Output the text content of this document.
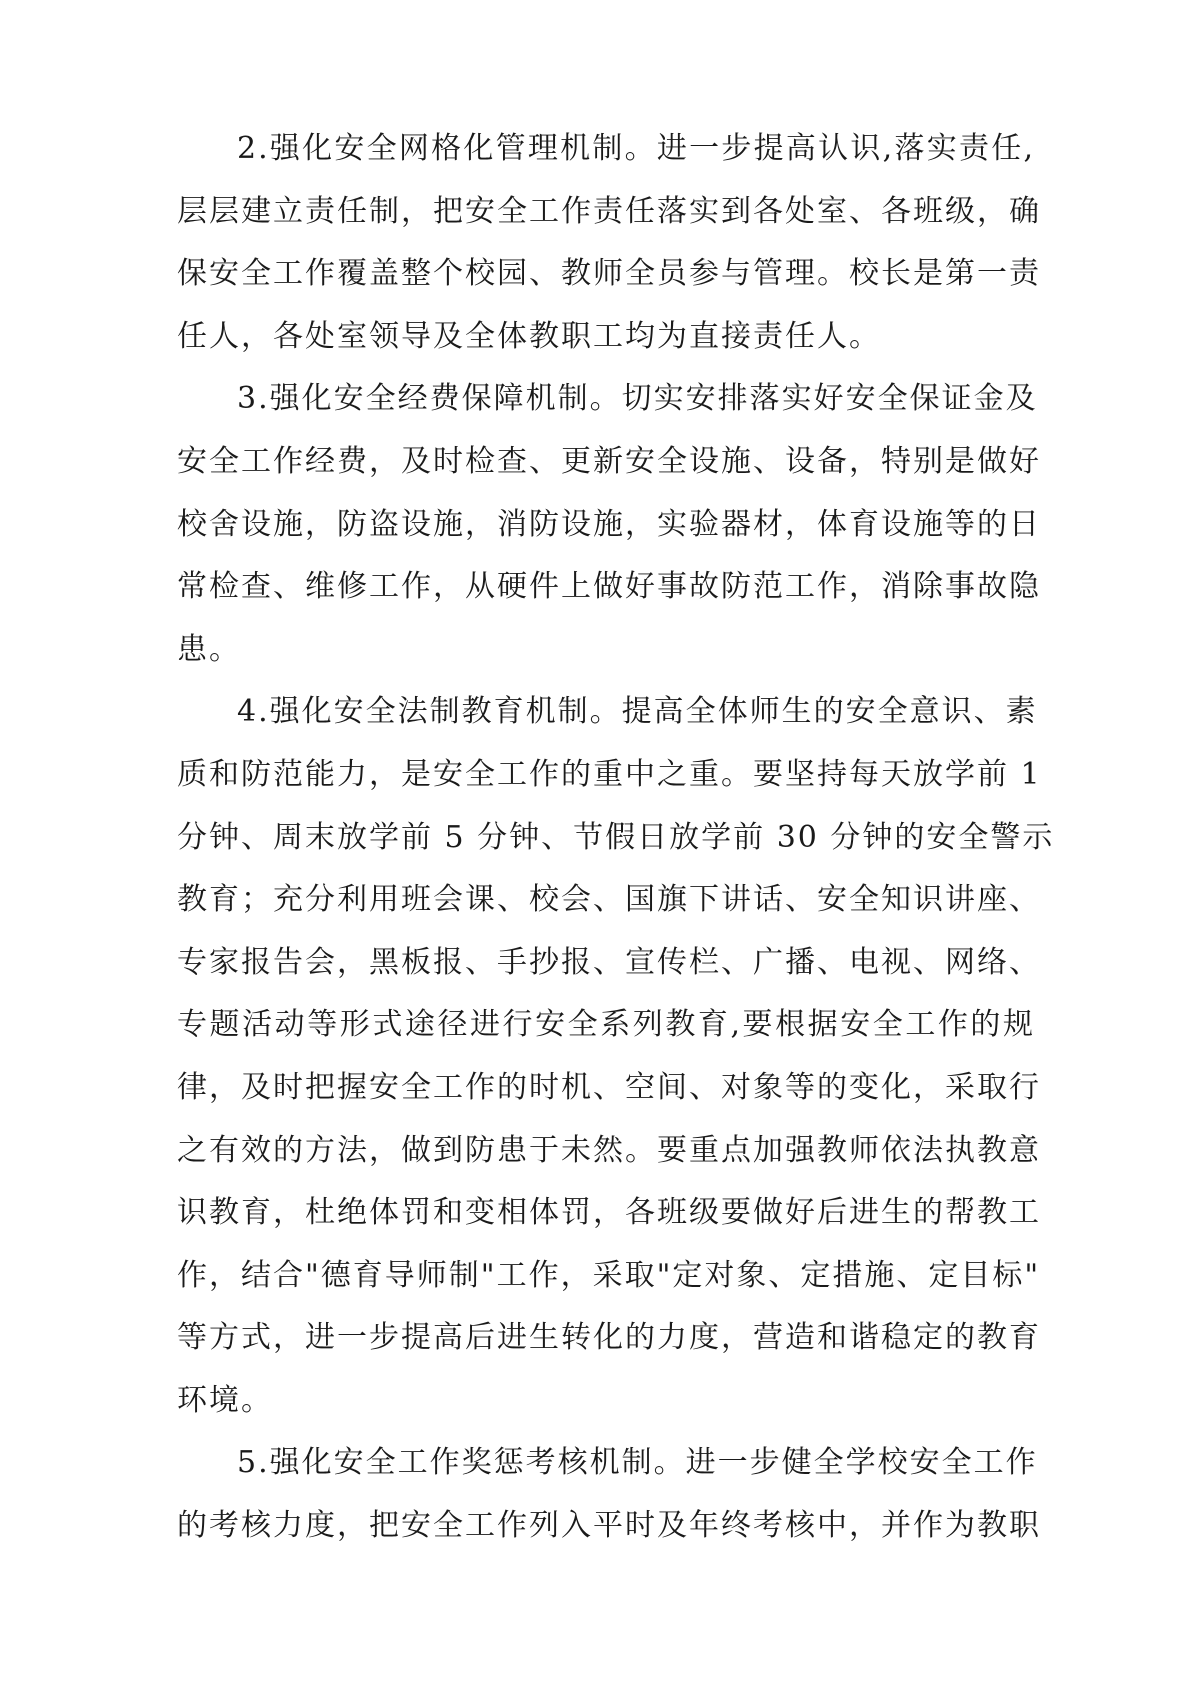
2.强化安全网格化管理机制。进一步提高认识,落实责任,
层层建立责任制，把安全工作责任落实到各处室、各班级，确
保安全工作覆盖整个校园、教师全员参与管理。校长是第一责
任人，各处室领导及全体教职工均为直接责任人。

3.强化安全经费保障机制。切实安排落实好安全保证金及
安全工作经费，及时检查、更新安全设施、设备，特别是做好
校舍设施，防盗设施，消防设施，实验器材，体育设施等的日
常检查、维修工作，从硬件上做好事故防范工作，消除事故隐
患。

4.强化安全法制教育机制。提高全体师生的安全意识、素
质和防范能力，是安全工作的重中之重。要坚持每天放学前 1
分钟、周末放学前 5 分钟、节假日放学前 30 分钟的安全警示
教育；充分利用班会课、校会、国旗下讲话、安全知识讲座、
专家报告会，黑板报、手抄报、宣传栏、广播、电视、网络、
专题活动等形式途径进行安全系列教育,要根据安全工作的规
律，及时把握安全工作的时机、空间、对象等的变化，采取行
之有效的方法，做到防患于未然。要重点加强教师依法执教意
识教育，杜绝体罚和变相体罚，各班级要做好后进生的帮教工
作，结合"德育导师制"工作，采取"定对象、定措施、定目标"
等方式，进一步提高后进生转化的力度，营造和谐稳定的教育
环境。

5.强化安全工作奖惩考核机制。进一步健全学校安全工作
的考核力度，把安全工作列入平时及年终考核中，并作为教职
